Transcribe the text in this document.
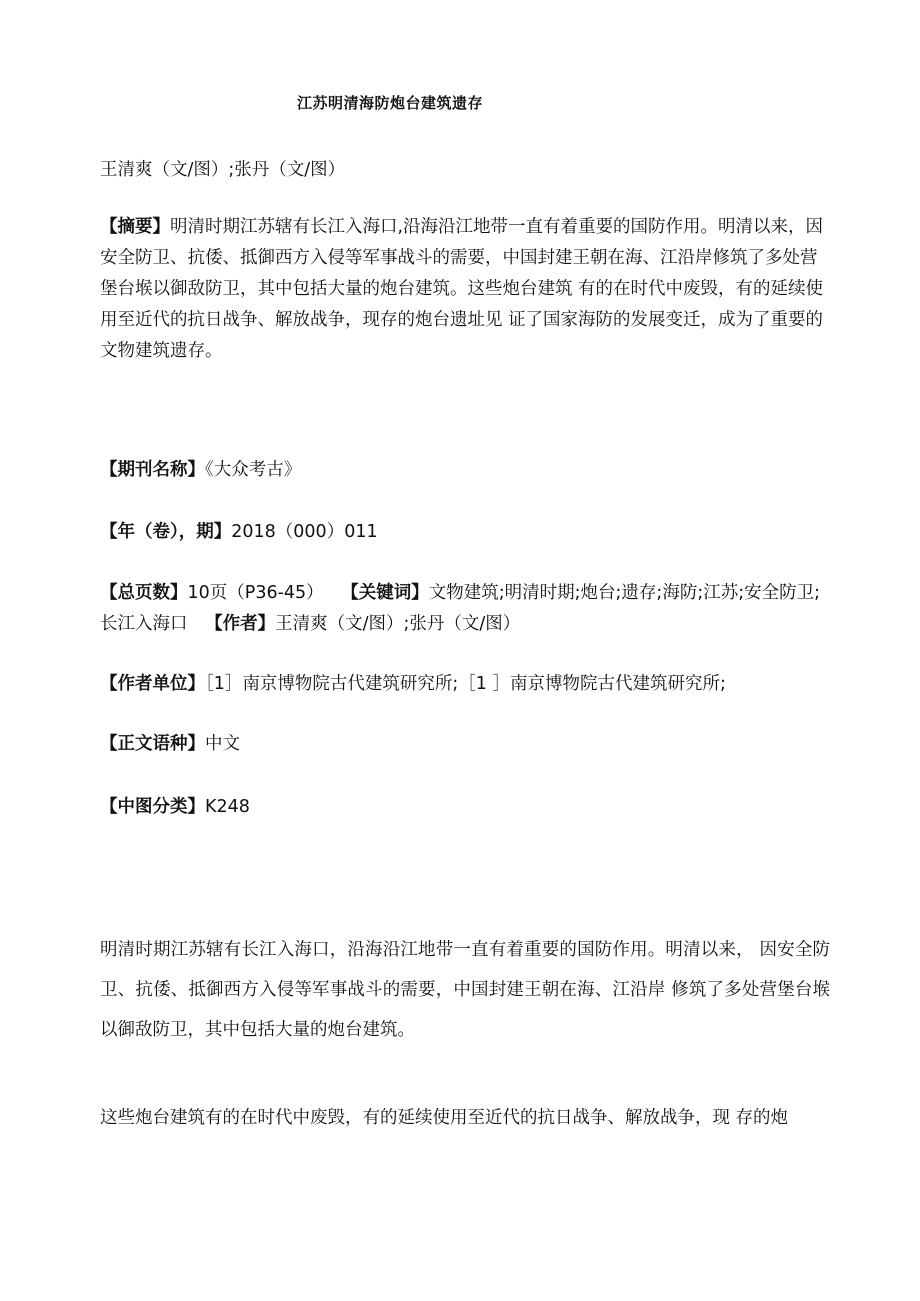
江苏明清海防炮台建筑遗存
王清爽（文/图）;张丹（文/图）
【摘要】明清时期江苏辖有长江入海口,沿海沿江地带一直有着重要的国防作用。明清以来，因安全防卫、抗倭、抵御西方入侵等军事战斗的需要，中国封建王朝在海、江沿岸修筑了多处营堡台堠以御敌防卫，其中包括大量的炮台建筑。这些炮台建筑 有的在时代中废毁，有的延续使用至近代的抗日战争、解放战争，现存的炮台遗址见 证了国家海防的发展变迁，成为了重要的文物建筑遗存。
【期刊名称】《大众考古》
【年（卷），期】2018（000）011
【总页数】10页（P36-45） 【关键词】文物建筑;明清时期;炮台;遗存;海防;江苏;安全防卫;长江入海口 【作者】王清爽（文/图）;张丹（文/图）
【作者单位】［1］南京博物院古代建筑研究所;［1 ］南京博物院古代建筑研究所;
【正文语种】中文
【中图分类】K248
明清时期江苏辖有长江入海口，沿海沿江地带一直有着重要的国防作用。明清以来， 因安全防卫、抗倭、抵御西方入侵等军事战斗的需要，中国封建王朝在海、江沿岸 修筑了多处营堡台堠以御敌防卫，其中包括大量的炮台建筑。
这些炮台建筑有的在时代中废毁，有的延续使用至近代的抗日战争、解放战争，现 存的炮
